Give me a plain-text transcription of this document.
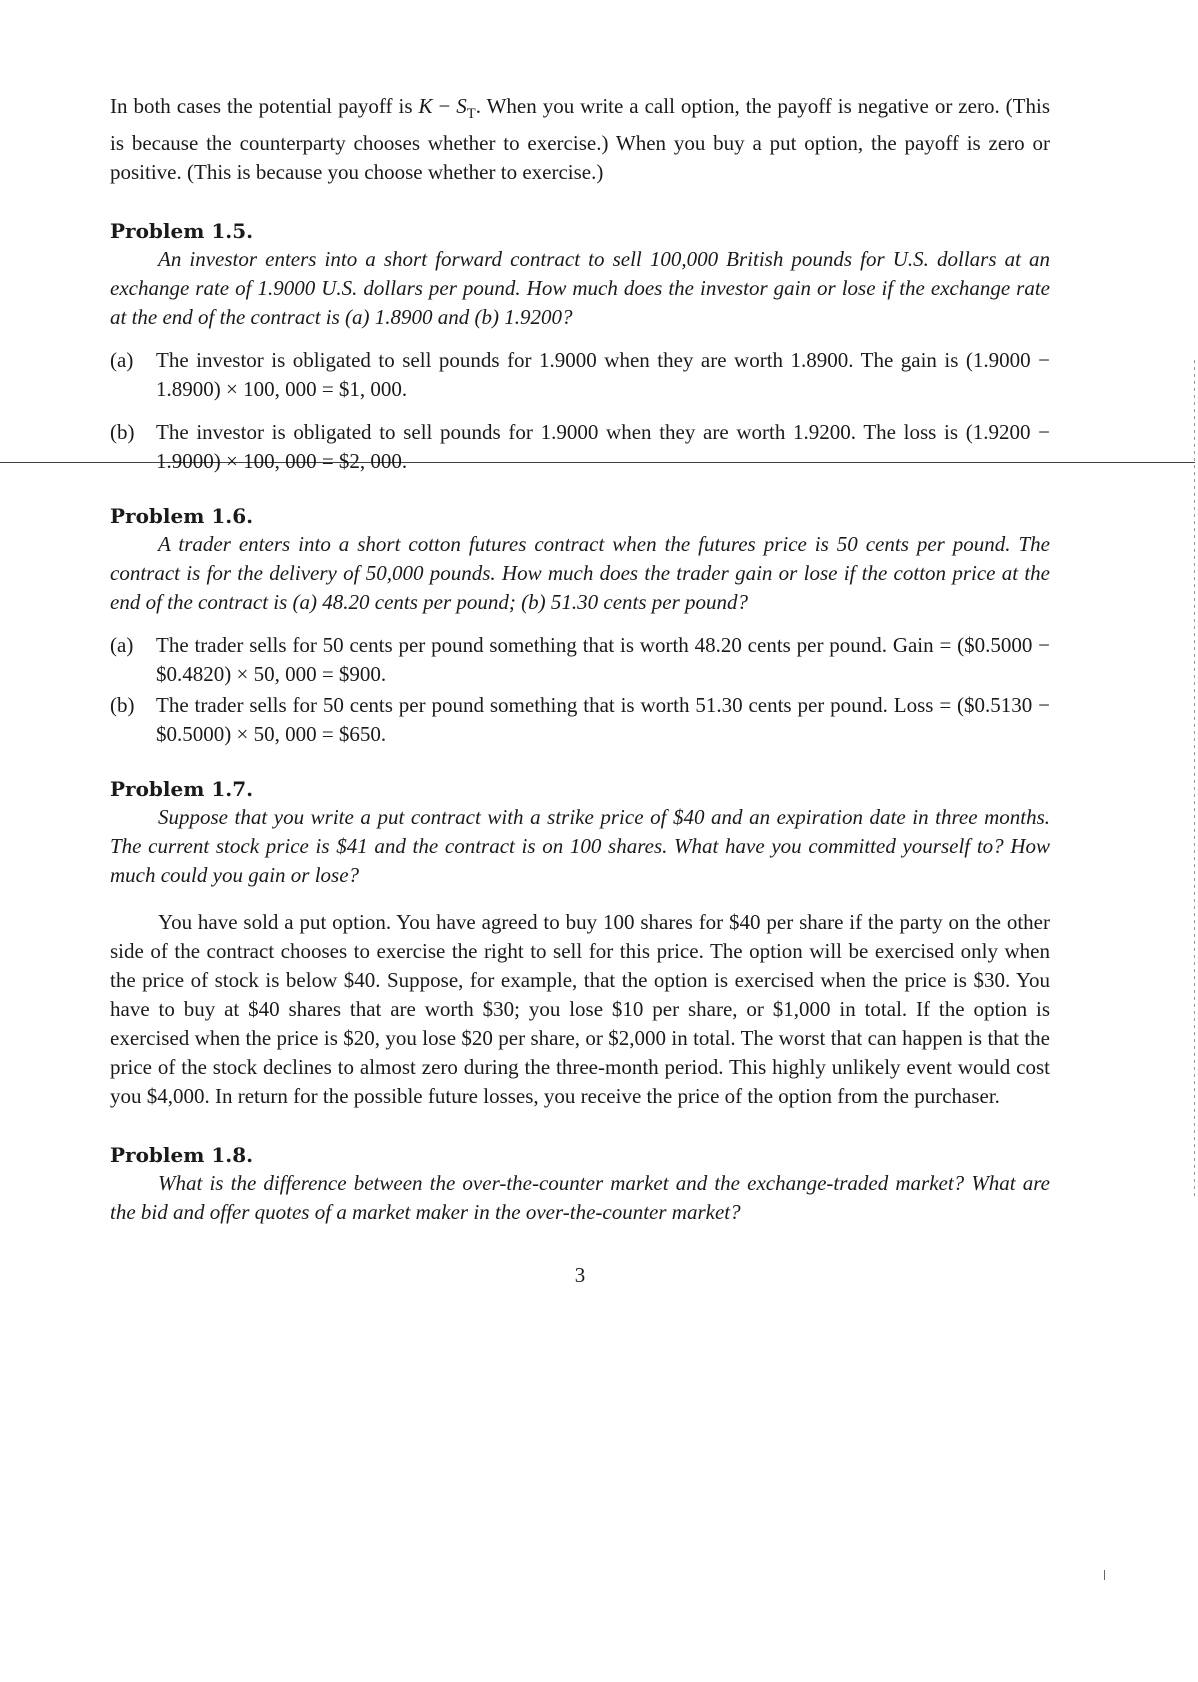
In both cases the potential payoff is $K - S_T$. When you write a call option, the payoff is negative or zero. (This is because the counterparty chooses whether to exercise.) When you buy a put option, the payoff is zero or positive. (This is because you choose whether to exercise.)

Problem 1.5.

An investor enters into a short forward contract to sell 100,000 British pounds for U.S. dollars at an exchange rate of 1.9000 U.S. dollars per pound. How much does the investor gain or lose if the exchange rate at the end of the contract is (a) 1.8900 and (b) 1.9200?

(a)	The investor is obligated to sell pounds for 1.9000 when they are worth 1.8900. The gain is (1.9000 − 1.8900) × 100, 000 = $1, 000.
(b)	The investor is obligated to sell pounds for 1.9000 when they are worth 1.9200. The loss is (1.9200 − 1.9000) × 100, 000 = $2, 000.
Problem 1.6.

A trader enters into a short cotton futures contract when the futures price is 50 cents per pound. The contract is for the delivery of 50,000 pounds. How much does the trader gain or lose if the cotton price at the end of the contract is (a) 48.20 cents per pound; (b) 51.30 cents per pound?

(a)	The trader sells for 50 cents per pound something that is worth 48.20 cents per pound. Gain = ($0.5000 − $0.4820) × 50, 000 = $900.
(b)	The trader sells for 50 cents per pound something that is worth 51.30 cents per pound. Loss = ($0.5130 − $0.5000) × 50, 000 = $650.
Problem 1.7.

Suppose that you write a put contract with a strike price of $40 and an expiration date in three months. The current stock price is $41 and the contract is on 100 shares. What have you committed yourself to? How much could you gain or lose?

You have sold a put option. You have agreed to buy 100 shares for $40 per share if the party on the other side of the contract chooses to exercise the right to sell for this price. The option will be exercised only when the price of stock is below $40. Suppose, for example, that the option is exercised when the price is $30. You have to buy at $40 shares that are worth $30; you lose $10 per share, or $1,000 in total. If the option is exercised when the price is $20, you lose $20 per share, or $2,000 in total. The worst that can happen is that the price of the stock declines to almost zero during the three-month period. This highly unlikely event would cost you $4,000. In return for the possible future losses, you receive the price of the option from the purchaser.

Problem 1.8.

What is the difference between the over-the-counter market and the exchange-traded market? What are the bid and offer quotes of a market maker in the over-the-counter market?

3
